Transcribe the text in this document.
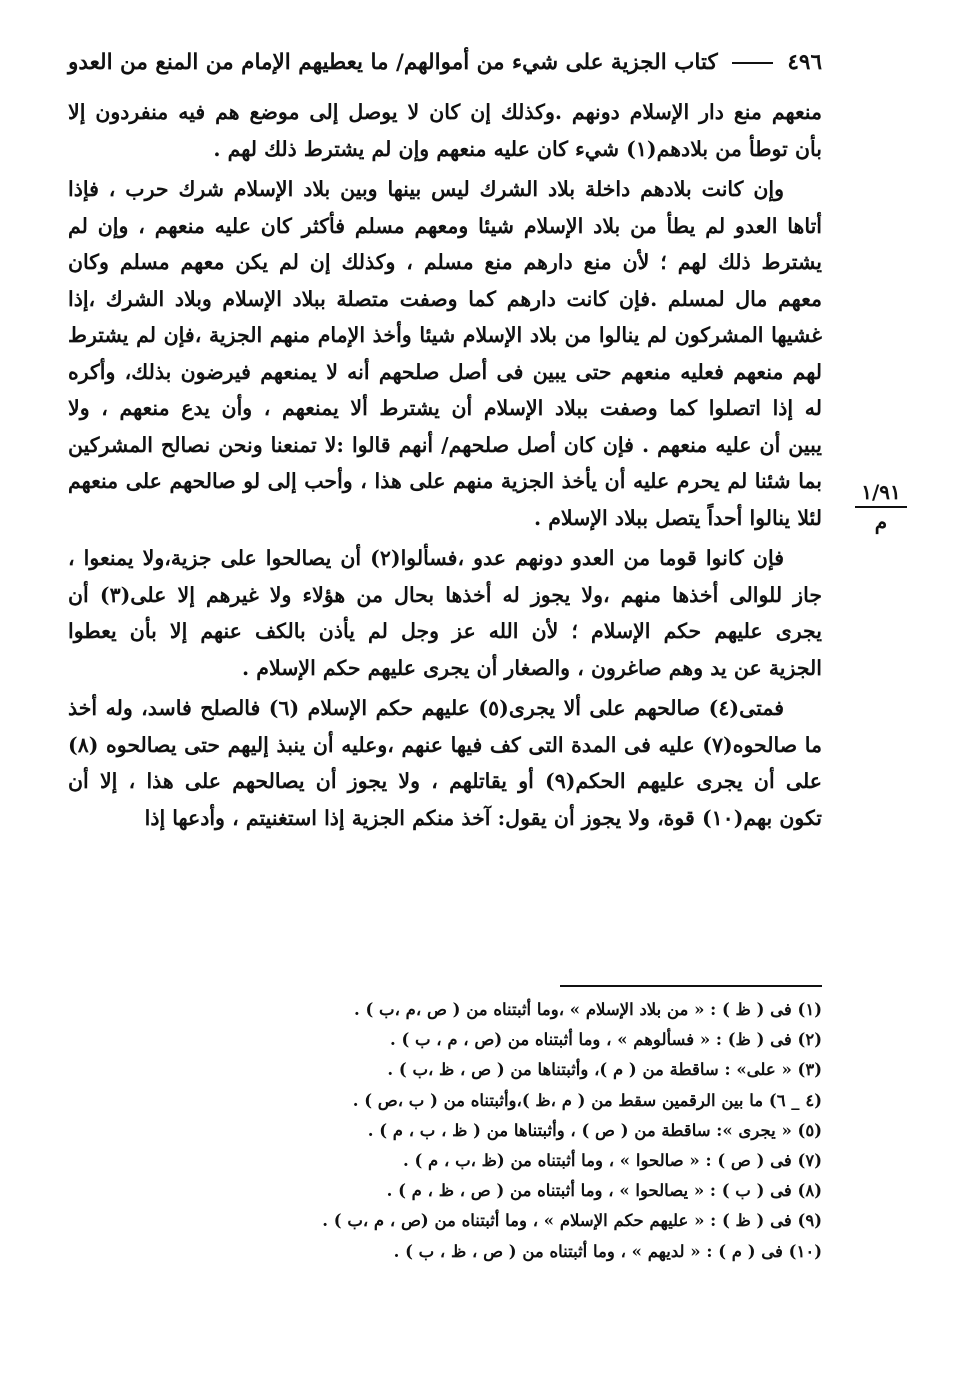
٤٩٦
كتاب الجزية على شيء من أموالهم/ ما يعطيهم الإمام من المنع من العدو

منعهم منع دار الإسلام دونهم .وكذلك إن كان لا يوصل إلى موضع هم فيه منفردون إلا
بأن توطأ من بلادهم(١) شيء كان عليه منعهم وإن لم يشترط ذلك لهم .

وإن كانت بلادهم داخلة بلاد الشرك ليس بينها وبين بلاد الإسلام شرك حرب ، فإذا
أتاها العدو لم يطأ من بلاد الإسلام شيئا ومعهم مسلم فأكثر كان عليه منعهم ، وإن لم
يشترط ذلك لهم ؛ لأن منع دارهم منع مسلم ، وكذلك إن لم يكن معهم مسلم وكان
معهم مال لمسلم .فإن كانت دارهم كما وصفت متصلة ببلاد الإسلام وبلاد الشرك ،إذا
غشيها المشركون لم ينالوا من بلاد الإسلام شيئا وأخذ الإمام منهم الجزية ،فإن لم يشترط
لهم منعهم فعليه منعهم حتى يبين فى أصل صلحهم أنه لا يمنعهم فيرضون بذلك، وأكره
له إذا اتصلوا كما وصفت ببلاد الإسلام أن يشترط ألا يمنعهم ، وأن يدع منعهم ، ولا
يبين أن عليه منعهم . فإن كان أصل صلحهم/ أنهم قالوا :لا تمنعنا ونحن نصالح المشركين
بما شئنا لم يحرم عليه أن يأخذ الجزية منهم على هذا ، وأحب إلى لو صالحهم على منعهم
لئلا ينالوا أحداً يتصل ببلاد الإسلام .

فإن كانوا قوما من العدو دونهم عدو ،فسألوا(٢) أن يصالحوا على جزية،ولا يمنعوا ،
جاز للوالى أخذها منهم ،ولا يجوز له أخذها بحال من هؤلاء ولا غيرهم إلا على(٣) أن
يجرى عليهم حكم الإسلام ؛ لأن الله عز وجل لم يأذن بالكف عنهم إلا بأن يعطوا
الجزية عن يد وهم صاغرون ، والصغار أن يجرى عليهم حكم الإسلام .

فمتى(٤) صالحهم على ألا يجرى(٥) عليهم حكم الإسلام (٦) فالصلح فاسد، وله أخذ
ما صالحوه(٧) عليه فى المدة التى كف فيها عنهم ،وعليه أن ينبذ إليهم حتى يصالحوه (٨)
على أن يجرى عليهم الحكم(٩) أو يقاتلهم ، ولا يجوز أن يصالحهم على هذا ، إلا أن
تكون بهم(١٠) قوة، ولا يجوز أن يقول: آخذ منكم الجزية إذا استغنيتم ، وأدعها إذا

١/٩١
م
(١) فى ( ظ ) : « من بلاد الإسلام » ،وما أثبتناه من ( ص ،م ،ب ) .
(٢) فى ( ظ) : « فسألوهم » ، وما أثبتناه من (ص ، م ، ب ) .
(٣) « على» : ساقطة من ( م )، وأثبتناها من ( ص ، ظ ،ب ) .
(٤ _ ٦) ما بين الرقمين سقط من ( م ،ظ )،وأثبتناه من ( ب ،ص ) .
(٥) « يجرى »: ساقطة من ( ص ) ، وأثبتناها من ( ظ ، ب ، م ) .
(٧) فى ( ص ) : « صالحوا » ، وما أثبتناه من (ظ ،ب ، م ) .
(٨) فى ( ب ) : « يصالحوا » ، وما أثبتناه من ( ص ، ظ ، م ) .
(٩) فى ( ظ ) : « عليهم حكم الإسلام » ، وما أثبتناه من (ص ، م ،ب ) .
(١٠) فى ( م ) : « لديهم » ، وما أثبتناه من ( ص ، ظ ، ب ) .
